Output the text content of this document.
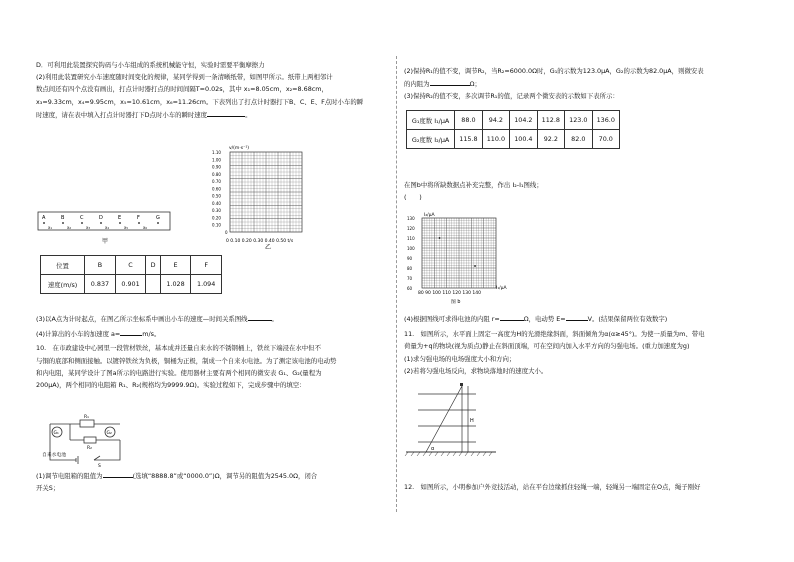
D．可利用此装置探究钩码与小车组成的系统机械能守恒，实验时需要平衡摩擦力

(2)利用此装置研究小车速度随时间变化的规律，某同学得到一条清晰纸带，如图甲所示。纸带上两相邻计

数点间还有四个点没有画出，打点计时器打点的时间间隔T=0.02s，其中 x₁=8.05cm，x₂=8.68cm，

x₃=9.33cm，x₄=9.95cm，x₅=10.61cm，x₆=11.26cm。下表列出了打点计时器打下B、C、E、F点时小车的瞬

时速度，请在表中填入打点计时器打下D点时小车的瞬时速度	。

v/(m·s⁻¹)
1.10
1.00
0.90
0.80
0.70
0.60
0.50
0.40
0.30
0.20
0.10
0
0 0.10 0.20 0.30 0.40 0.50 t/s
乙
A	B	C	D	E	F	G
x₁	x₂	x₃	x₄	x₅	x₆
甲
位置	B	C	D	E	F
速度(m/s)	0.837	0.901		1.028	1.094

(3)以A点为计时起点，在图乙所示坐标系中画出小车的速度—时间关系图线	。

(4)计算出的小车的加速度 a=	m/s。

10.　在市政建设中心园里一段管材铁丝，基本成并还量自来水的不锈钢桶上，铁丝下端浸在水中但不

与铜的底部和侧面接触。以镀锌铁丝为负极，铜桶为正极，制成一个自来水电池。为了测定该电池的电动势

和内电阻，某同学设计了图a所示的电路进行实验。使用器材主要有两个相同的微安表 G₁、G₂(量程为

200μA)，两个相同的电阻箱 R₁、R₂(规格均为9999.9Ω)。实验过程如下，完成步骤中的填空：

G₁	G₂
R₁
R₂
自来水电池
S

(1)调节电阻箱的阻值为	(选填“8888.8”或“0000.0”)Ω，调节另的阻值为2545.0Ω，闭合

开关S；

(2)保持R₁的值不变，调节R₂，当R₂=6000.0Ω时，G₁的示数为123.0μA，G₂的示数为82.0μA，则微安表

的内阻为	Ω；

(3)保持R₂的值不变，多次调节R₁的值，记录两个微安表的示数如下表所示：

G₁度数 I₁/μA	88.0	94.2	104.2	112.8	123.0	136.0
G₂度数 I₂/μA	115.8	110.0	100.4	92.2	82.0	70.0

在图b中将所缺数据点补充完整，作出 I₂-I₁图线；

(　　)

I₂/μA
130
120
110
100
90
80
70
60
80 90 100 110 120 130 140
I₁/μA
图 b

(4)根据图线可求得电池的内阻 r=	Ω，电动势 E=	V。(结果保留两位有效数字)

11.　如图所示，水平面上固定一高度为H的光滑绝缘斜面，斜面倾角为α(α≥45°)。为使一质量为m、带电

荷量为+q的物块(视为质点)静止在斜面顶端，可在空间内加入水平方向的匀强电场。(重力加速度为g)

(1)求匀强电场的电场强度大小和方向；

(2)若将匀强电场反向，求物块落地时的速度大小。

H
α

12.　如图所示，小明参加户外竞技活动，站在平台边缘抓住轻绳一端，轻绳另一端固定在O点，绳子刚好
